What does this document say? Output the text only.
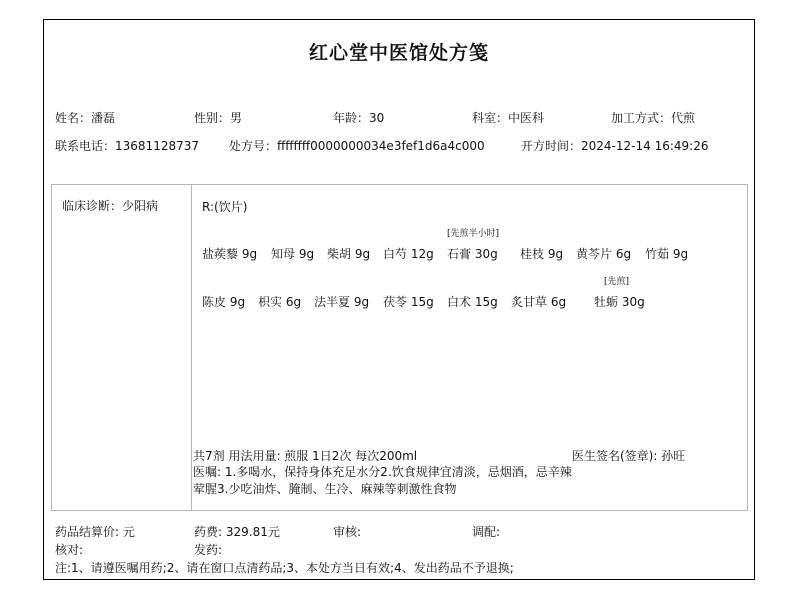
红心堂中医馆处方笺
姓名：潘磊	性别：男	年龄：30	科室：中医科	加工方式：代煎
联系电话：13681128737	处方号：ffffffff0000000034e3fef1d6a4c000	开方时间：2024-12-14 16:49:26
临床诊断：少阳病	R:(饮片)
盐蒺藜 9g 知母 9g 柴胡 9g 白芍 12g
[先煎半小时]
石膏 30g 桂枝 9g 黄芩片 6g 竹茹 9g
陈皮 9g 枳实 6g 法半夏 9g 茯苓 15g 白术 15g 炙甘草 6g
[先煎]
牡蛎 30g
共7剂 用法用量: 煎服 1日2次 每次200ml	医生签名(签章): 孙旺
医嘱: 1.多喝水，保持身体充足水分2.饮食规律宜清淡，忌烟酒，忌辛辣荤腥3.少吃油炸、腌制、生冷、麻辣等刺激性食物
药品结算价: 元	药费: 329.81元	审核:	调配:
核对:	发药:
注:1、请遵医嘱用药;2、请在窗口点清药品;3、本处方当日有效;4、发出药品不予退换;
